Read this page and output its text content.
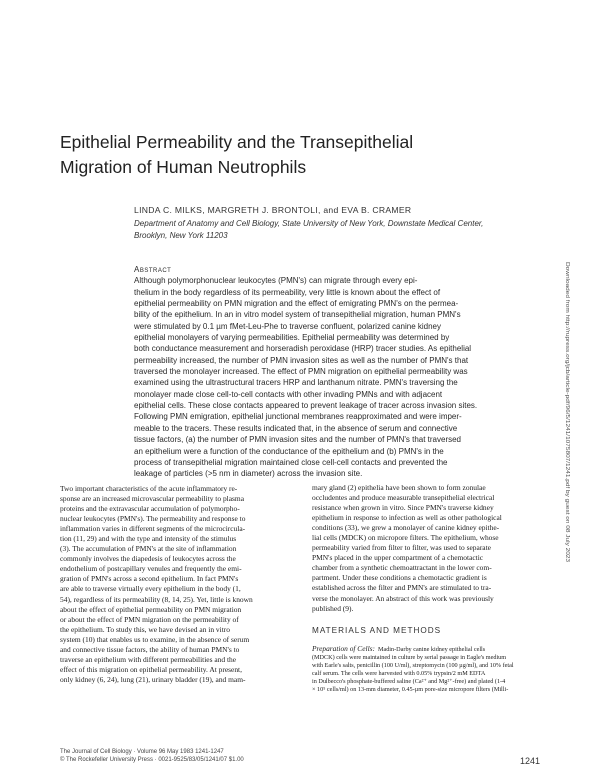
Epithelial Permeability and the Transepithelial
Migration of Human Neutrophils
LINDA C. MILKS, MARGRETH J. BRONTOLI, and EVA B. CRAMER
Department of Anatomy and Cell Biology, State University of New York, Downstate Medical Center,
Brooklyn, New York 11203
Abstract
Although polymorphonuclear leukocytes (PMN's) can migrate through every epi-
thelium in the body regardless of its permeability, very little is known about the effect of
epithelial permeability on PMN migration and the effect of emigrating PMN's on the permea-
bility of the epithelium. In an in vitro model system of transepithelial migration, human PMN's
were stimulated by 0.1 µm fMet-Leu-Phe to traverse confluent, polarized canine kidney
epithelial monolayers of varying permeabilities. Epithelial permeability was determined by
both conductance measurement and horseradish peroxidase (HRP) tracer studies. As epithelial
permeability increased, the number of PMN invasion sites as well as the number of PMN's that
traversed the monolayer increased. The effect of PMN migration on epithelial permeability was
examined using the ultrastructural tracers HRP and lanthanum nitrate. PMN's traversing the
monolayer made close cell-to-cell contacts with other invading PMNs and with adjacent
epithelial cells. These close contacts appeared to prevent leakage of tracer across invasion sites.
Following PMN emigration, epithelial junctional membranes reapproximated and were imper-
meable to the tracers. These results indicated that, in the absence of serum and connective
tissue factors, (a) the number of PMN invasion sites and the number of PMN's that traversed
an epithelium were a function of the conductance of the epithelium and (b) PMN's in the
process of transepithelial migration maintained close cell-cell contacts and prevented the
leakage of particles (>5 nm in diameter) across the invasion site.	Downloaded from http://rupress.org/jcb/article-pdf/96/5/1241/1075807/1241.pdf by guest on 08 July 2023
Two important characteristics of the acute inflammatory re-
sponse are an increased microvascular permeability to plasma
proteins and the extravascular accumulation of polymorpho-
nuclear leukocytes (PMN's). The permeability and response to
inflammation varies in different segments of the microcircula-
tion (11, 29) and with the type and intensity of the stimulus
(3). The accumulation of PMN's at the site of inflammation
commonly involves the diapedesis of leukocytes across the
endothelium of postcapillary venules and frequently the emi-
gration of PMN's across a second epithelium. In fact PMN's
are able to traverse virtually every epithelium in the body (1,
54), regardless of its permeability (8, 14, 25). Yet, little is known
about the effect of epithelial permeability on PMN migration
or about the effect of PMN migration on the permeability of
the epithelium. To study this, we have devised an in vitro
system (10) that enables us to examine, in the absence of serum
and connective tissue factors, the ability of human PMN's to
traverse an epithelium with different permeabilities and the
effect of this migration on epithelial permeability. At present,
only kidney (6, 24), lung (21), urinary bladder (19), and mam-
mary gland (2) epithelia have been shown to form zonulae
occludentes and produce measurable transepithelial electrical
resistance when grown in vitro. Since PMN's traverse kidney
epithelium in response to infection as well as other pathological
conditions (33), we grew a monolayer of canine kidney epithe-
lial cells (MDCK) on micropore filters. The epithelium, whose
permeability varied from filter to filter, was used to separate
PMN's placed in the upper compartment of a chemotactic
chamber from a synthetic chemoattractant in the lower com-
partment. Under these conditions a chemotactic gradient is
established across the filter and PMN's are stimulated to tra-
verse the monolayer. An abstract of this work was previously
published (9).
MATERIALS AND METHODS
Preparation of Cells: Madin-Darby canine kidney epithelial cells
(MDCK) cells were maintained in culture by serial passage in Eagle's medium
with Earle's salts, penicillin (100 U/ml), streptomycin (100 µg/ml), and 10% fetal
calf serum. The cells were harvested with 0.05% trypsin/2 mM EDTA
in Dulbecco's phosphate-buffered saline (Ca²⁺ and Mg²⁺-free) and plated (1-4
× 10⁵ cells/ml) on 13-mm diameter, 0.45-µm pore-size micropore filters (Milli-
The Journal of Cell Biology · Volume 96 May 1983 1241-1247
© The Rockefeller University Press · 0021-9525/83/05/1241/07 $1.00	1241
